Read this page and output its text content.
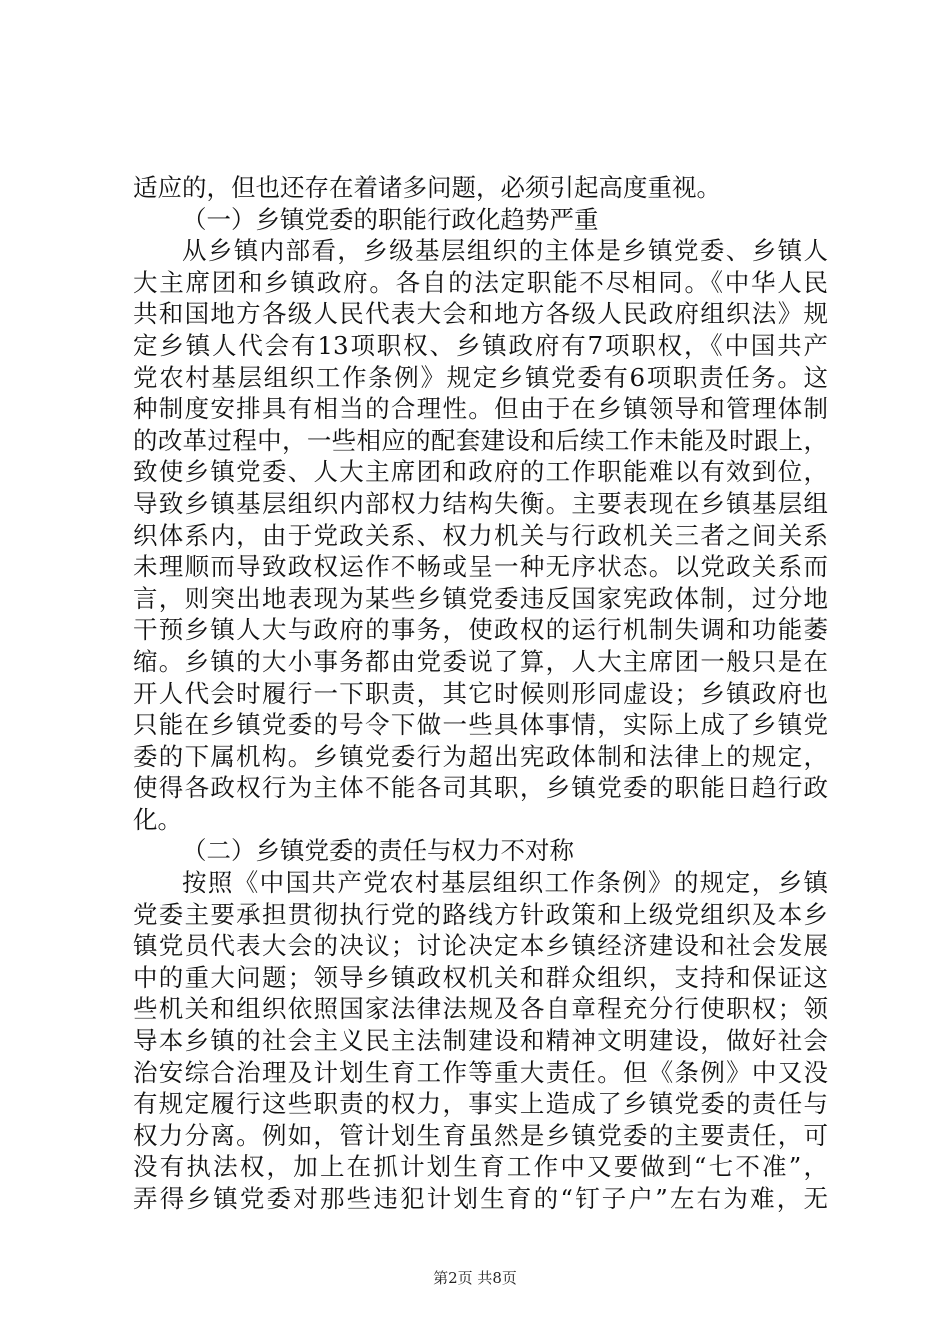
适应的，但也还存在着诸多问题，必须引起高度重视。
（一）乡镇党委的职能行政化趋势严重
从乡镇内部看，乡级基层组织的主体是乡镇党委、乡镇人
大主席团和乡镇政府。各自的法定职能不尽相同。《中华人民
共和国地方各级人民代表大会和地方各级人民政府组织法》规
定乡镇人代会有13项职权、乡镇政府有7项职权，《中国共产
党农村基层组织工作条例》规定乡镇党委有6项职责任务。这
种制度安排具有相当的合理性。但由于在乡镇领导和管理体制
的改革过程中，一些相应的配套建设和后续工作未能及时跟上，
致使乡镇党委、人大主席团和政府的工作职能难以有效到位，
导致乡镇基层组织内部权力结构失衡。主要表现在乡镇基层组
织体系内，由于党政关系、权力机关与行政机关三者之间关系
未理顺而导致政权运作不畅或呈一种无序状态。以党政关系而
言，则突出地表现为某些乡镇党委违反国家宪政体制，过分地
干预乡镇人大与政府的事务，使政权的运行机制失调和功能萎
缩。乡镇的大小事务都由党委说了算，人大主席团一般只是在
开人代会时履行一下职责，其它时候则形同虚设；乡镇政府也
只能在乡镇党委的号令下做一些具体事情，实际上成了乡镇党
委的下属机构。乡镇党委行为超出宪政体制和法律上的规定，
使得各政权行为主体不能各司其职，乡镇党委的职能日趋行政
化。
（二）乡镇党委的责任与权力不对称
按照《中国共产党农村基层组织工作条例》的规定，乡镇
党委主要承担贯彻执行党的路线方针政策和上级党组织及本乡
镇党员代表大会的决议；讨论决定本乡镇经济建设和社会发展
中的重大问题；领导乡镇政权机关和群众组织，支持和保证这
些机关和组织依照国家法律法规及各自章程充分行使职权；领
导本乡镇的社会主义民主法制建设和精神文明建设，做好社会
治安综合治理及计划生育工作等重大责任。但《条例》中又没
有规定履行这些职责的权力，事实上造成了乡镇党委的责任与
权力分离。例如，管计划生育虽然是乡镇党委的主要责任，可
没有执法权，加上在抓计划生育工作中又要做到“七不准”，
弄得乡镇党委对那些违犯计划生育的“钉子户”左右为难，无
第2页 共8页
